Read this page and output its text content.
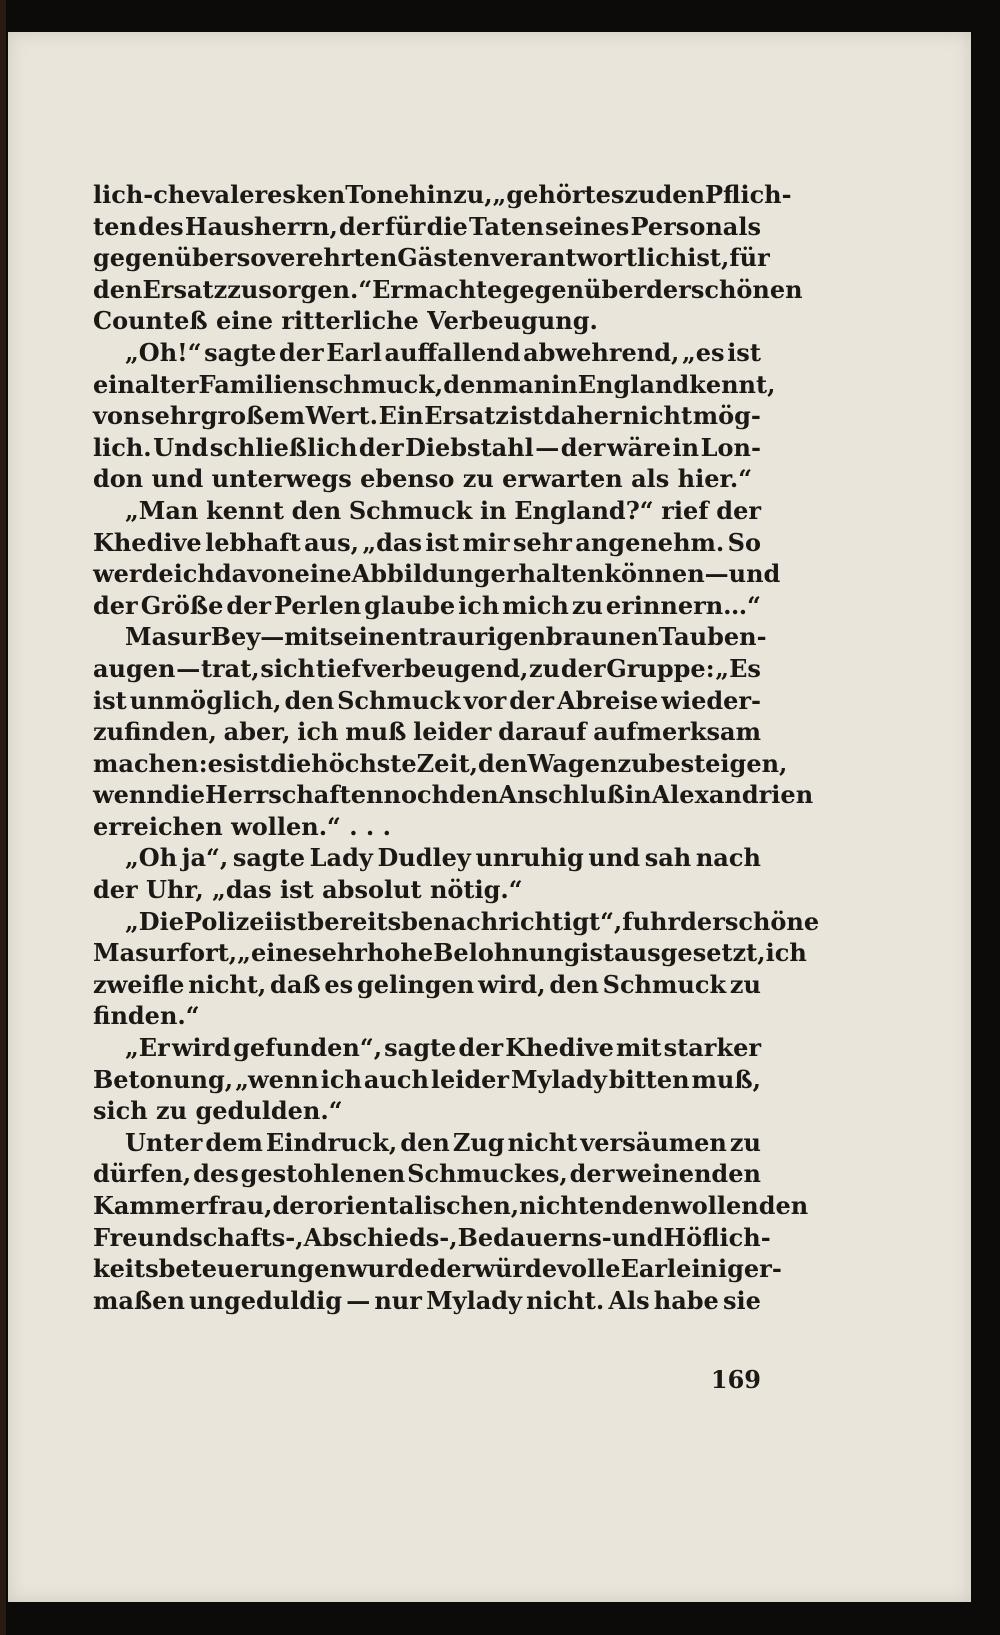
lich-chevaleresken Tone hinzu, „gehört es zu den Pflich-
ten des Hausherrn, der für die Taten seines Personals
gegenüber so verehrten Gästen verantwortlich ist, für
den Ersatz zu sorgen.“ Er machte gegenüber der schönen
Counteß eine ritterliche Verbeugung.
„Oh!“ sagte der Earl auffallend abwehrend, „es ist
ein alter Familienschmuck, den man in England kennt,
von sehr großem Wert. Ein Ersatz ist daher nicht mög-
lich. Und schließlich der Diebstahl — der wäre in Lon-
don und unterwegs ebenso zu erwarten als hier.“
„Man kennt den Schmuck in England?“ rief der
Khedive lebhaft aus, „das ist mir sehr angenehm. So
werde ich davon eine Abbildung erhalten können — und
der Größe der Perlen glaube ich mich zu erinnern…“
Masur Bey — mit seinen traurigen braunen Tauben-
augen — trat, sich tief verbeugend, zu der Gruppe: „Es
ist unmöglich, den Schmuck vor der Abreise wieder-
zufinden, aber, ich muß leider darauf aufmerksam
machen: es ist die höchste Zeit, den Wagen zu besteigen,
wenn die Herrschaften noch den Anschluß in Alexandrien
erreichen wollen.“ . . .
„Oh ja“, sagte Lady Dudley unruhig und sah nach
der Uhr, „das ist absolut nötig.“
„Die Polizei ist bereits benachrichtigt“, fuhr der schöne
Masur fort, „eine sehr hohe Belohnung ist ausgesetzt, ich
zweifle nicht, daß es gelingen wird, den Schmuck zu
finden.“
„Er wird gefunden“, sagte der Khedive mit starker
Betonung, „wenn ich auch leider Mylady bitten muß,
sich zu gedulden.“
Unter dem Eindruck, den Zug nicht versäumen zu
dürfen, des gestohlenen Schmuckes, der weinenden
Kammerfrau, der orientalischen, nicht endenwollenden
Freundschafts-, Abschieds-, Bedauerns- und Höflich-
keitsbeteuerungen wurde der würdevolle Earl einiger-
maßen ungeduldig — nur Mylady nicht. Als habe sie
169
